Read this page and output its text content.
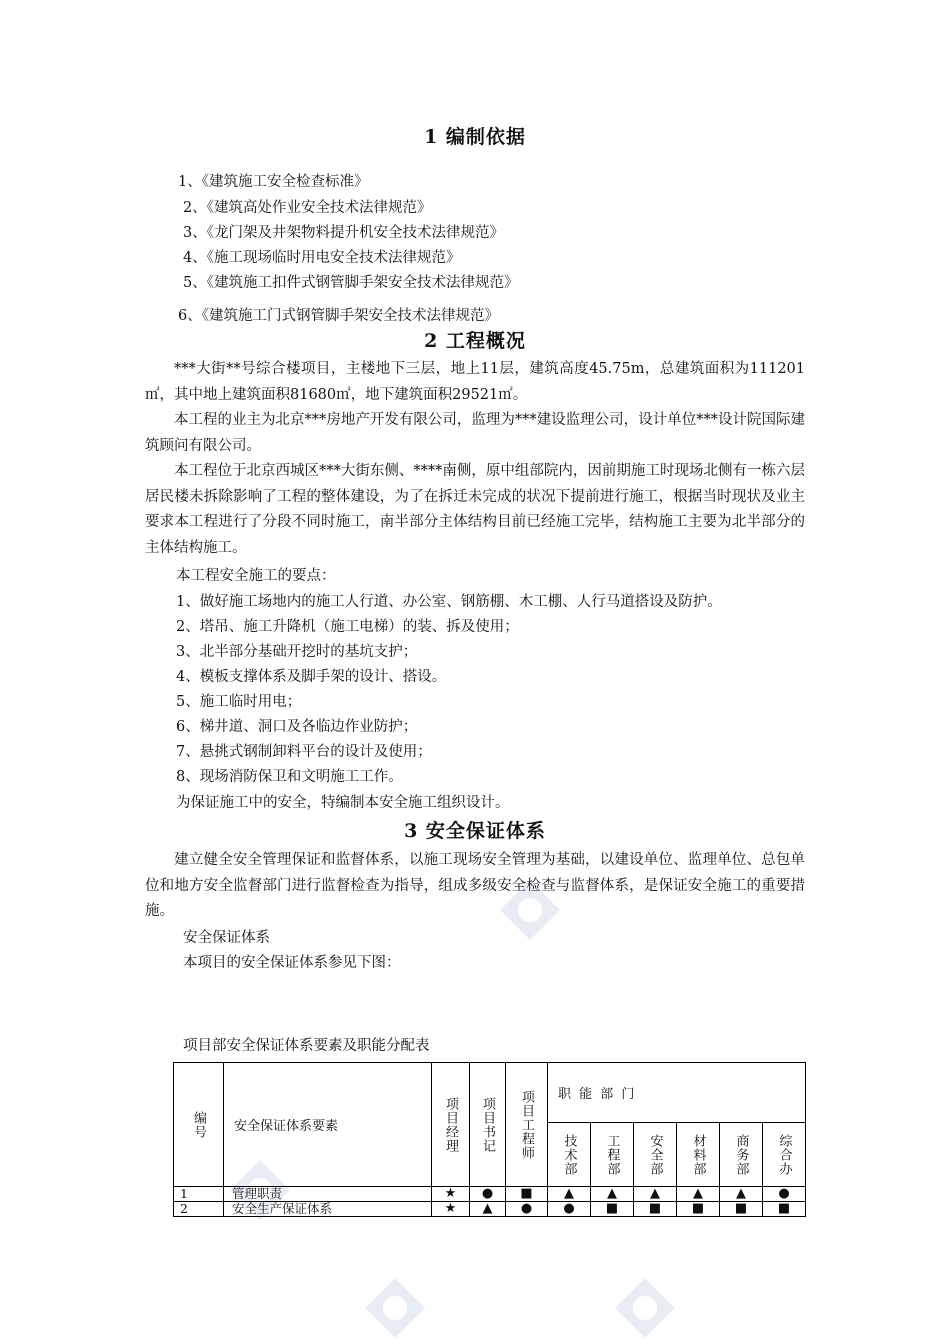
1 编制依据
1、《建筑施工安全检查标准》
2、《建筑高处作业安全技术法律规范》
3、《龙门架及井架物料提升机安全技术法律规范》
4、《施工现场临时用电安全技术法律规范》
5、《建筑施工扣件式钢管脚手架安全技术法律规范》
6、《建筑施工门式钢管脚手架安全技术法律规范》
2 工程概况

***大街**号综合楼项目，主楼地下三层，地上11层，建筑高度45.75m，总建筑面积为111201㎡，其中地上建筑面积81680㎡，地下建筑面积29521㎡。

本工程的业主为北京***房地产开发有限公司，监理为***建设监理公司，设计单位***设计院国际建筑顾问有限公司。

本工程位于北京西城区***大街东侧、****南侧，原中组部院内，因前期施工时现场北侧有一栋六层居民楼未拆除影响了工程的整体建设，为了在拆迁未完成的状况下提前进行施工，根据当时现状及业主要求本工程进行了分段不同时施工，南半部分主体结构目前已经施工完毕，结构施工主要为北半部分的主体结构施工。

本工程安全施工的要点：
1、做好施工场地内的施工人行道、办公室、钢筋棚、木工棚、人行马道搭设及防护。
2、塔吊、施工升降机（施工电梯）的装、拆及使用；
3、北半部分基础开挖时的基坑支护；
4、模板支撑体系及脚手架的设计、搭设。
5、施工临时用电；
6、梯井道、洞口及各临边作业防护；
7、悬挑式钢制卸料平台的设计及使用；
8、现场消防保卫和文明施工工作。
为保证施工中的安全，特编制本安全施工组织设计。
3 安全保证体系

建立健全安全管理保证和监督体系，以施工现场安全管理为基础，以建设单位、监理单位、总包单位和地方安全监督部门进行监督检查为指导，组成多级安全检查与监督体系，是保证安全施工的重要措施。

安全保证体系
本项目的安全保证体系参见下图：
项目部安全保证体系要素及职能分配表
编号	安全保证体系要素	项目经理	项目书记	项目工程师	职 能 部 门					

					技术部	工程部	安全部	材料部	商务部	综合办

1	管理职责	★	●	■	▲	▲	▲	▲	▲	●
2	安全生产保证体系	★	▲	●	●	■	■	■	■	■
